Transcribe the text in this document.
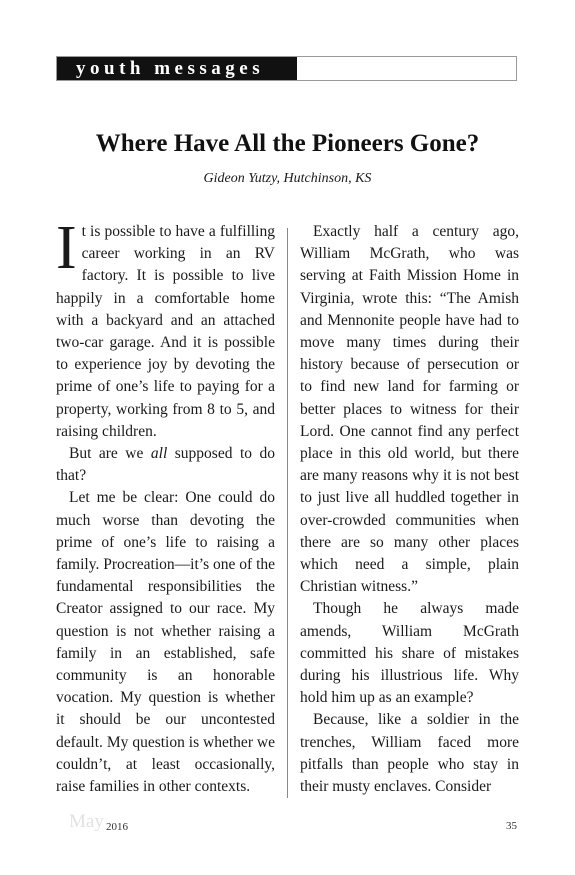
youth messages
Where Have All the Pioneers Gone?
Gideon Yutzy, Hutchinson, KS

It is possible to have a fulfilling career working in an RV factory. It is possible to live happily in a comfortable home with a backyard and an attached two-car garage. And it is possible to experience joy by devoting the prime of one’s life to paying for a property, working from 8 to 5, and raising children.

But are we all supposed to do that?

Let me be clear: One could do much worse than devoting the prime of one’s life to raising a family. Procreation—it’s one of the fundamental responsibilities the Creator assigned to our race. My question is not whether raising a family in an established, safe community is an honorable vocation. My question is whether it should be our uncontested default. My question is whether we couldn’t, at least occasionally, raise families in other contexts.

Exactly half a century ago, William McGrath, who was serving at Faith Mission Home in Virginia, wrote this: “The Amish and Mennonite people have had to move many times during their history because of persecution or to find new land for farming or better places to witness for their Lord. One cannot find any perfect place in this old world, but there are many reasons why it is not best to just live all huddled together in over-crowded communities when there are so many other places which need a simple, plain Christian witness.”

Though he always made amends, William McGrath committed his share of mistakes during his illustrious life. Why hold him up as an example?

Because, like a soldier in the trenches, William faced more pitfalls than people who stay in their musty enclaves. Consider

May 2016	35
